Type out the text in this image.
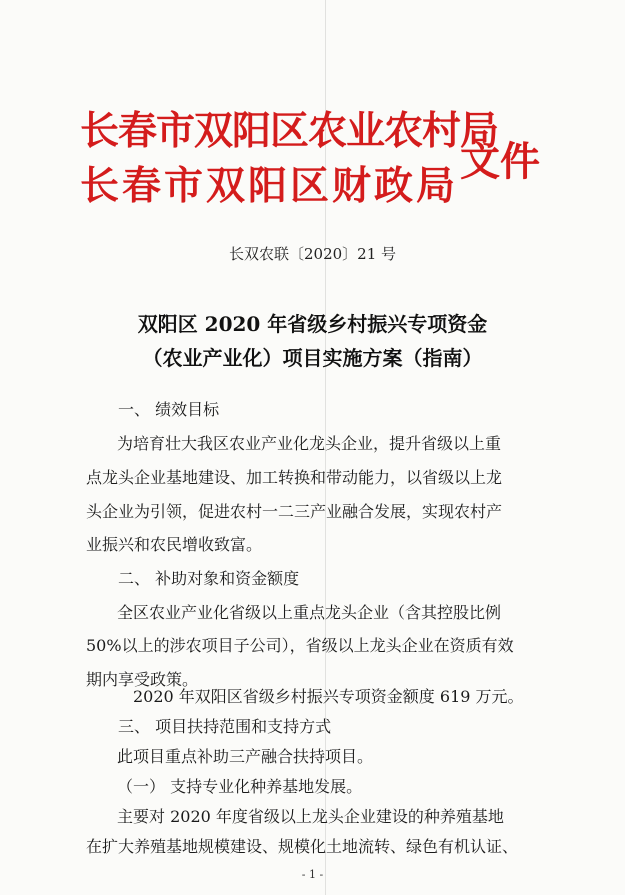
长春市双阳区农业农村局
长春市双阳区财政局
文件
长双农联〔2020〕21 号
双阳区 2020 年省级乡村振兴专项资金
（农业产业化）项目实施方案（指南）
一、 绩效目标
为培育壮大我区农业产业化龙头企业，提升省级以上重
点龙头企业基地建设、加工转换和带动能力，以省级以上龙
头企业为引领，促进农村一二三产业融合发展，实现农村产
业振兴和农民增收致富。
二、 补助对象和资金额度
全区农业产业化省级以上重点龙头企业（含其控股比例
50%以上的涉农项目子公司），省级以上龙头企业在资质有效
期内享受政策。
2020 年双阳区省级乡村振兴专项资金额度 619 万元。
三、 项目扶持范围和支持方式
此项目重点补助三产融合扶持项目。
（一） 支持专业化种养基地发展。
- 1 -
主要对 2020 年度省级以上龙头企业建设的种养殖基地
在扩大养殖基地规模建设、规模化土地流转、绿色有机认证、
